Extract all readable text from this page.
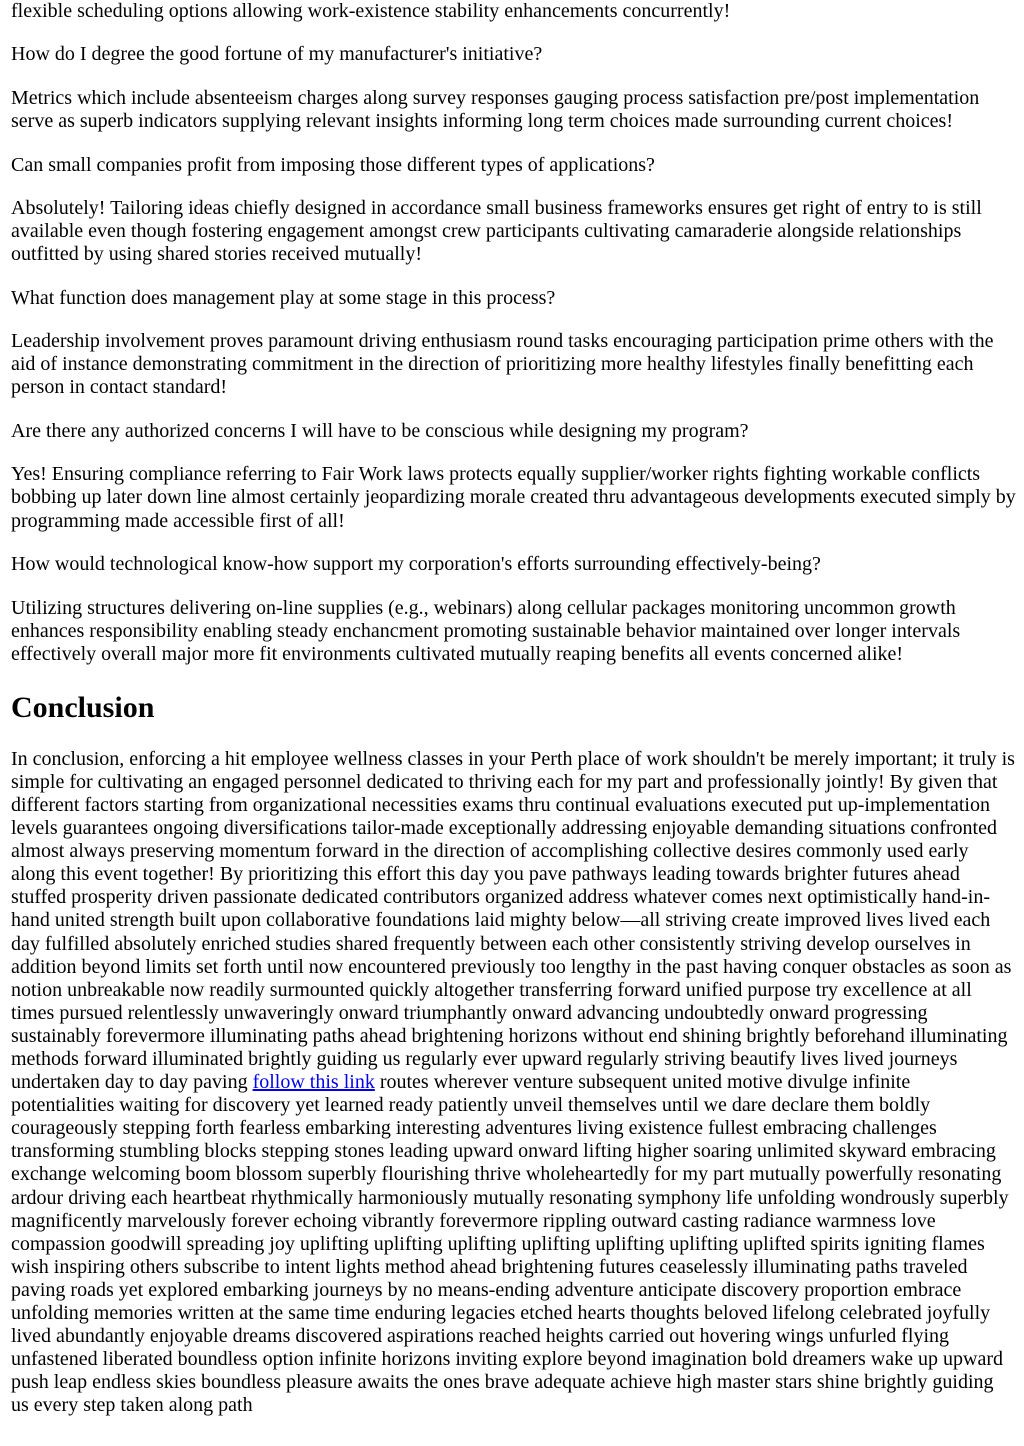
flexible scheduling options allowing work-existence stability enhancements concurrently!

How do I degree the good fortune of my manufacturer's initiative?

Metrics which include absenteeism charges along survey responses gauging process satisfaction pre/post implementation serve as superb indicators supplying relevant insights informing long term choices made surrounding current choices!

Can small companies profit from imposing those different types of applications?

Absolutely! Tailoring ideas chiefly designed in accordance small business frameworks ensures get right of entry to is still available even though fostering engagement amongst crew participants cultivating camaraderie alongside relationships outfitted by using shared stories received mutually!

What function does management play at some stage in this process?

Leadership involvement proves paramount driving enthusiasm round tasks encouraging participation prime others with the aid of instance demonstrating commitment in the direction of prioritizing more healthy lifestyles finally benefitting each person in contact standard!

Are there any authorized concerns I will have to be conscious while designing my program?

Yes! Ensuring compliance referring to Fair Work laws protects equally supplier/worker rights fighting workable conflicts bobbing up later down line almost certainly jeopardizing morale created thru advantageous developments executed simply by programming made accessible first of all!

How would technological know-how support my corporation's efforts surrounding effectively-being?

Utilizing structures delivering on-line supplies (e.g., webinars) along cellular packages monitoring uncommon growth enhances responsibility enabling steady enchancment promoting sustainable behavior maintained over longer intervals effectively overall major more fit environments cultivated mutually reaping benefits all events concerned alike!

Conclusion

In conclusion, enforcing a hit employee wellness classes in your Perth place of work shouldn't be merely important; it truly is simple for cultivating an engaged personnel dedicated to thriving each for my part and professionally jointly! By given that different factors starting from organizational necessities exams thru continual evaluations executed put up-implementation levels guarantees ongoing diversifications tailor-made exceptionally addressing enjoyable demanding situations confronted almost always preserving momentum forward in the direction of accomplishing collective desires commonly used early along this event together! By prioritizing this effort this day you pave pathways leading towards brighter futures ahead stuffed prosperity driven passionate dedicated contributors organized address whatever comes next optimistically hand-in-hand united strength built upon collaborative foundations laid mighty below—all striving create improved lives lived each day fulfilled absolutely enriched studies shared frequently between each other consistently striving develop ourselves in addition beyond limits set forth until now encountered previously too lengthy in the past having conquer obstacles as soon as notion unbreakable now readily surmounted quickly altogether transferring forward unified purpose try excellence at all times pursued relentlessly unwaveringly onward triumphantly onward advancing undoubtedly onward progressing sustainably forevermore illuminating paths ahead brightening horizons without end shining brightly beforehand illuminating methods forward illuminated brightly guiding us regularly ever upward regularly striving beautify lives lived journeys undertaken day to day paving follow this link routes wherever venture subsequent united motive divulge infinite potentialities waiting for discovery yet learned ready patiently unveil themselves until we dare declare them boldly courageously stepping forth fearless embarking interesting adventures living existence fullest embracing challenges transforming stumbling blocks stepping stones leading upward onward lifting higher soaring unlimited skyward embracing exchange welcoming boom blossom superbly flourishing thrive wholeheartedly for my part mutually powerfully resonating ardour driving each heartbeat rhythmically harmoniously mutually resonating symphony life unfolding wondrously superbly magnificently marvelously forever echoing vibrantly forevermore rippling outward casting radiance warmness love compassion goodwill spreading joy uplifting uplifting uplifting uplifting uplifting uplifting uplifted spirits igniting flames wish inspiring others subscribe to intent lights method ahead brightening futures ceaselessly illuminating paths traveled paving roads yet explored embarking journeys by no means-ending adventure anticipate discovery proportion embrace unfolding memories written at the same time enduring legacies etched hearts thoughts beloved lifelong celebrated joyfully lived abundantly enjoyable dreams discovered aspirations reached heights carried out hovering wings unfurled flying unfastened liberated boundless option infinite horizons inviting explore beyond imagination bold dreamers wake up upward push leap endless skies boundless pleasure awaits the ones brave adequate achieve high master stars shine brightly guiding us every step taken along path
